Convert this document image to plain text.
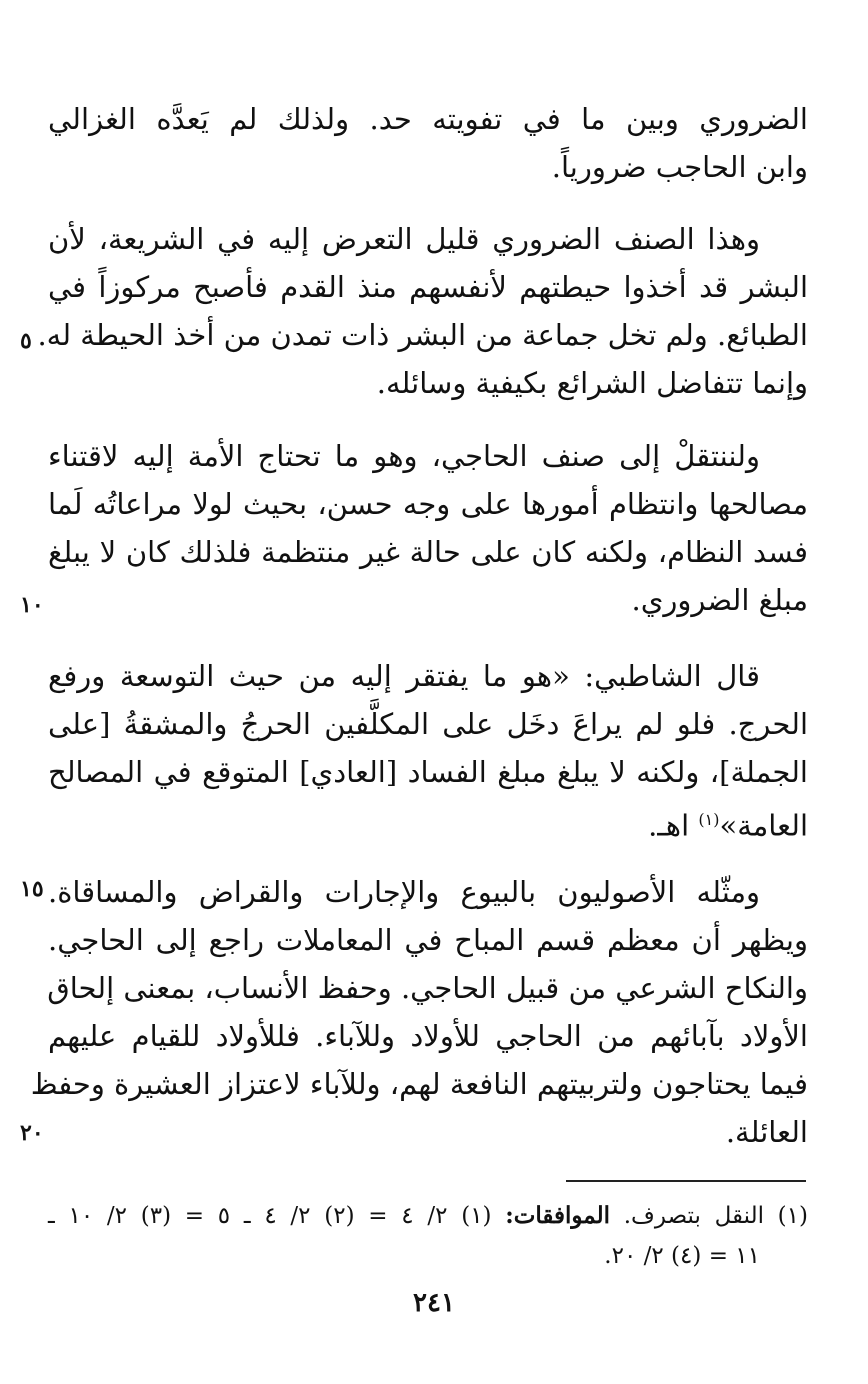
الضروري وبين ما في تفويته حد. ولذلك لم يَعدَّه الغزالي
وابن الحاجب ضرورياً.
وهذا الصنف الضروري قليل التعرض إليه في الشريعة، لأن
البشر قد أخذوا حيطتهم لأنفسهم منذ القدم فأصبح مركوزاً في
الطبائع. ولم تخل جماعة من البشر ذات تمدن من أخذ الحيطة له.
وإنما تتفاضل الشرائع بكيفية وسائله.
ولننتقلْ إلى صنف الحاجي، وهو ما تحتاج الأمة إليه لاقتناء
مصالحها وانتظام أمورها على وجه حسن، بحيث لولا مراعاتُه لَما
فسد النظام، ولكنه كان على حالة غير منتظمة فلذلك كان لا يبلغ
مبلغ الضروري.
قال الشاطبي: «هو ما يفتقر إليه من حيث التوسعة ورفع
الحرج. فلو لم يراعَ دخَل على المكلَّفين الحرجُ والمشقةُ [على
الجملة]، ولكنه لا يبلغ مبلغ الفساد [العادي] المتوقع في المصالح
العامة»$^{(١)}$ اهـ.
ومثّله الأصوليون بالبيوع والإجارات والقراض والمساقاة.
ويظهر أن معظم قسم المباح في المعاملات راجع إلى الحاجي.
والنكاح الشرعي من قبيل الحاجي. وحفظ الأنساب، بمعنى إلحاق
الأولاد بآبائهم من الحاجي للأولاد وللآباء. فللأولاد للقيام عليهم
فيما يحتاجون ولتربيتهم النافعة لهم، وللآباء لاعتزاز العشيرة وحفظ
العائلة.
٥
١٠
١٥
٢٠
(١) النقل بتصرف. الموافقات: (١) ٢/ ٤ = (٢) ٢/ ٤ ـ ٥ = (٣) ٢/ ١٠ ـ
١١ = (٤) ٢/ ٢٠.
٢٤١
